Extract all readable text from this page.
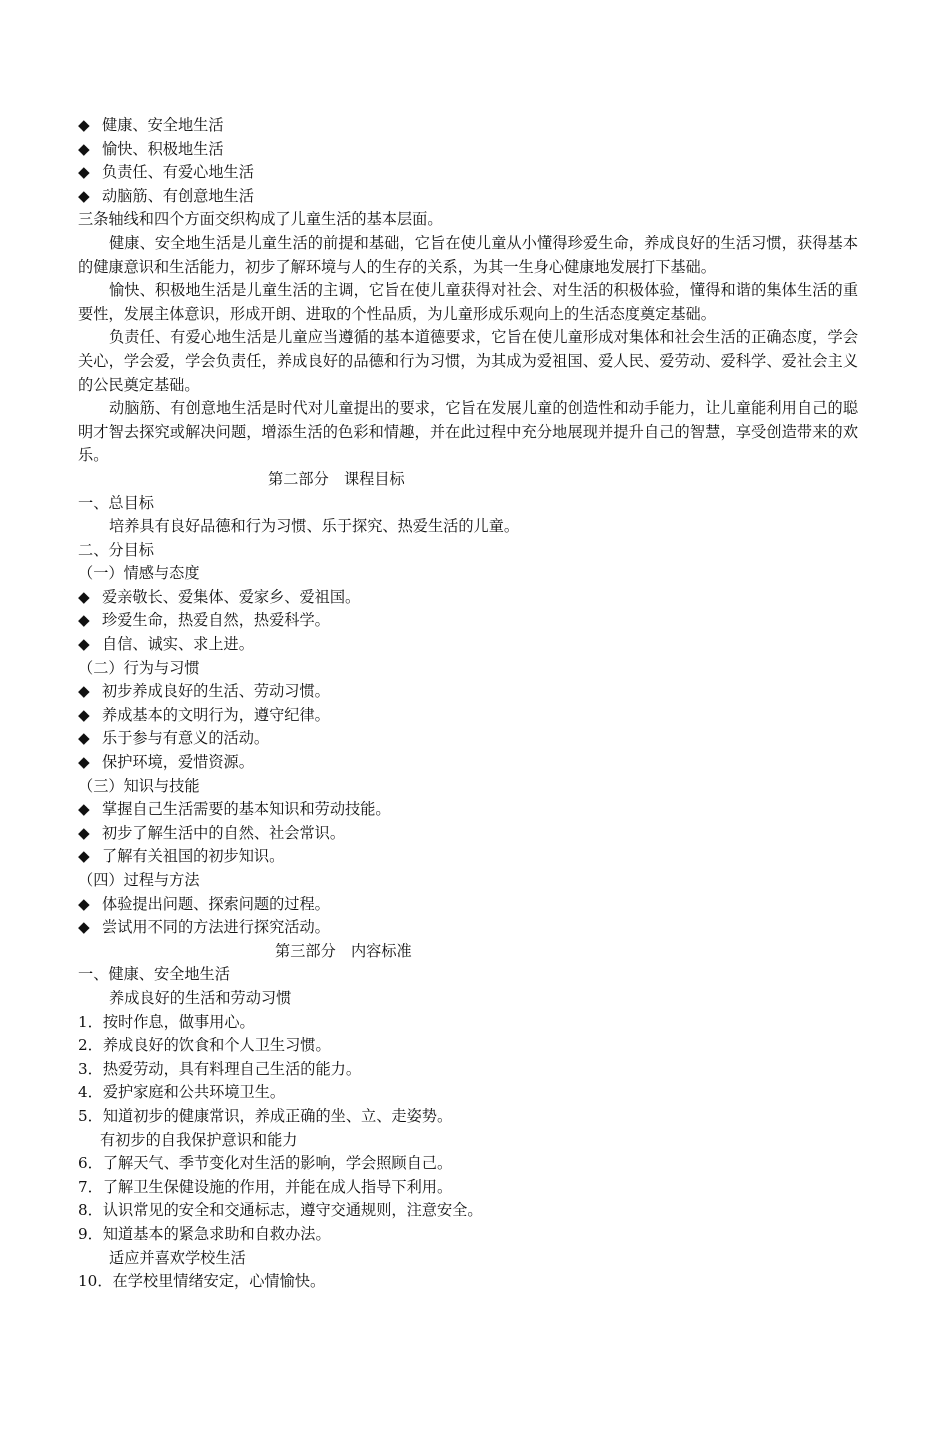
◆ 健康、安全地生活
◆ 愉快、积极地生活
◆ 负责任、有爱心地生活
◆ 动脑筋、有创意地生活
三条轴线和四个方面交织构成了儿童生活的基本层面。
健康、安全地生活是儿童生活的前提和基础，它旨在使儿童从小懂得珍爱生命，养成良好的生活习惯，获得基本的健康意识和生活能力，初步了解环境与人的生存的关系，为其一生身心健康地发展打下基础。
愉快、积极地生活是儿童生活的主调，它旨在使儿童获得对社会、对生活的积极体验，懂得和谐的集体生活的重要性，发展主体意识，形成开朗、进取的个性品质，为儿童形成乐观向上的生活态度奠定基础。
负责任、有爱心地生活是儿童应当遵循的基本道德要求，它旨在使儿童形成对集体和社会生活的正确态度，学会关心，学会爱，学会负责任，养成良好的品德和行为习惯，为其成为爱祖国、爱人民、爱劳动、爱科学、爱社会主义的公民奠定基础。
动脑筋、有创意地生活是时代对儿童提出的要求，它旨在发展儿童的创造性和动手能力，让儿童能利用自己的聪明才智去探究或解决问题，增添生活的色彩和情趣，并在此过程中充分地展现并提升自己的智慧，享受创造带来的欢乐。
第二部分　课程目标
一、总目标
培养具有良好品德和行为习惯、乐于探究、热爱生活的儿童。
二、分目标
（一）情感与态度
◆ 爱亲敬长、爱集体、爱家乡、爱祖国。
◆ 珍爱生命，热爱自然，热爱科学。
◆ 自信、诚实、求上进。
（二）行为与习惯
◆ 初步养成良好的生活、劳动习惯。
◆ 养成基本的文明行为，遵守纪律。
◆ 乐于参与有意义的活动。
◆ 保护环境，爱惜资源。
（三）知识与技能
◆ 掌握自己生活需要的基本知识和劳动技能。
◆ 初步了解生活中的自然、社会常识。
◆ 了解有关祖国的初步知识。
（四）过程与方法
◆ 体验提出问题、探索问题的过程。
◆ 尝试用不同的方法进行探究活动。
第三部分　内容标准
一、健康、安全地生活
养成良好的生活和劳动习惯
1．按时作息，做事用心。
2．养成良好的饮食和个人卫生习惯。
3．热爱劳动，具有料理自己生活的能力。
4．爱护家庭和公共环境卫生。
5．知道初步的健康常识，养成正确的坐、立、走姿势。
有初步的自我保护意识和能力
6．了解天气、季节变化对生活的影响，学会照顾自己。
7．了解卫生保健设施的作用，并能在成人指导下利用。
8．认识常见的安全和交通标志，遵守交通规则，注意安全。
9．知道基本的紧急求助和自救办法。
适应并喜欢学校生活
10．在学校里情绪安定，心情愉快。
